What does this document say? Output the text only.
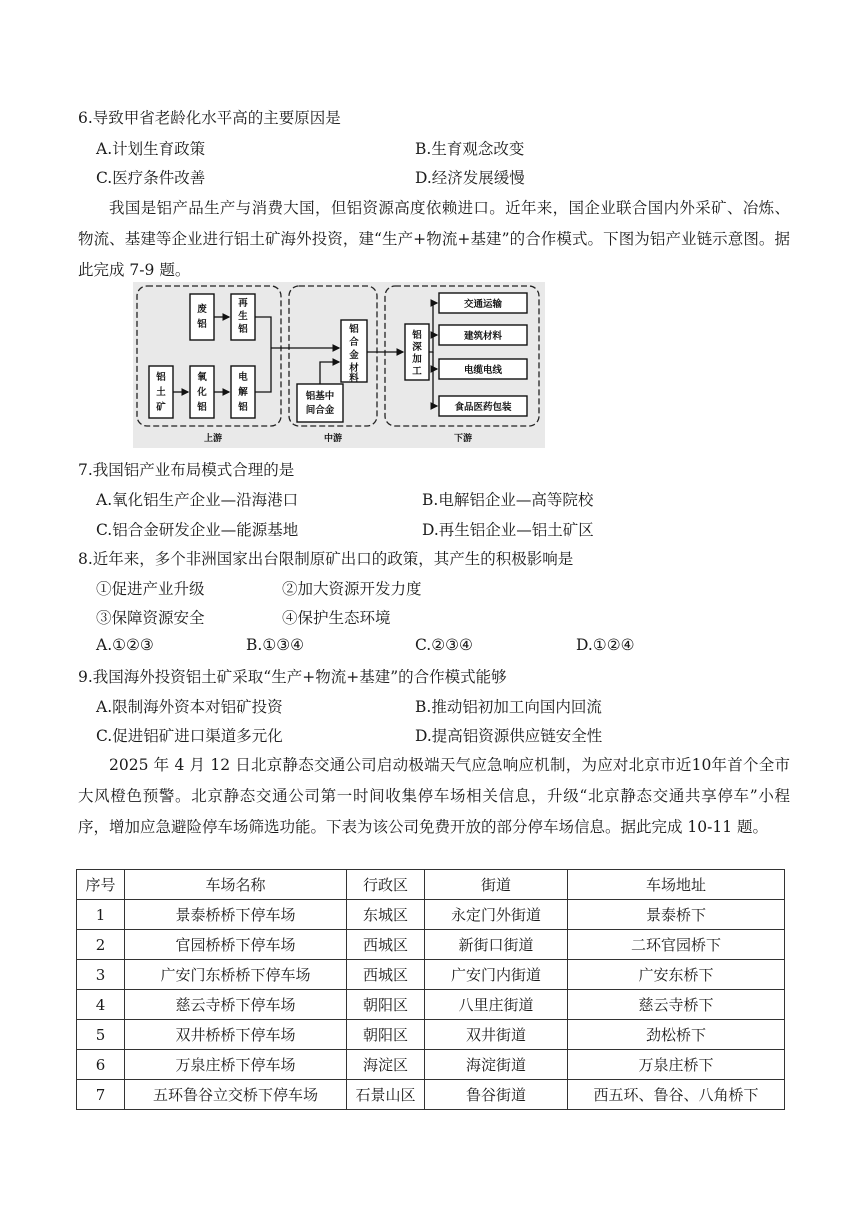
6.导致甲省老龄化水平高的主要原因是
A.计划生育政策	B.生育观念改变
C.医疗条件改善	D.经济发展缓慢
我国是铝产品生产与消费大国，但铝资源高度依赖进口。近年来，国企业联合国内外采矿、冶炼、物流、基建等企业进行铝土矿海外投资，建“生产+物流+基建”的合作模式。下图为铝产业链示意图。据此完成 7-9 题。
废
铝
再
生
铝
铝
土
矿
氧
化
铝
电
解
铝
铝
合
金
材
料
铝基中
间合金
铝
深
加
工
交通运输
建筑材料
电缆电线
食品医药包装
上游	中游	下游
7.我国铝产业布局模式合理的是
A.氧化铝生产企业—沿海港口	B.电解铝企业—高等院校
C.铝合金研发企业—能源基地	D.再生铝企业—铝土矿区
8.近年来，多个非洲国家出台限制原矿出口的政策，其产生的积极影响是
①促进产业升级	②加大资源开发力度
③保障资源安全	④保护生态环境
A.①②③	B.①③④	C.②③④	D.①②④
9.我国海外投资铝土矿采取“生产+物流+基建”的合作模式能够
A.限制海外资本对铝矿投资	B.推动铝初加工向国内回流
C.促进铝矿进口渠道多元化	D.提高铝资源供应链安全性
2025 年 4 月 12 日北京静态交通公司启动极端天气应急响应机制，为应对北京市近10年首个全市大风橙色预警。北京静态交通公司第一时间收集停车场相关信息，升级“北京静态交通共享停车”小程序，增加应急避险停车场筛选功能。下表为该公司免费开放的部分停车场信息。据此完成 10-11 题。
序号	车场名称	行政区	街道	车场地址
1	景泰桥桥下停车场	东城区	永定门外街道	景泰桥下
2	官园桥桥下停车场	西城区	新街口街道	二环官园桥下
3	广安门东桥桥下停车场	西城区	广安门内街道	广安东桥下
4	慈云寺桥下停车场	朝阳区	八里庄街道	慈云寺桥下
5	双井桥桥下停车场	朝阳区	双井街道	劲松桥下
6	万泉庄桥下停车场	海淀区	海淀街道	万泉庄桥下
7	五环鲁谷立交桥下停车场	石景山区	鲁谷街道	西五环、鲁谷、八角桥下
